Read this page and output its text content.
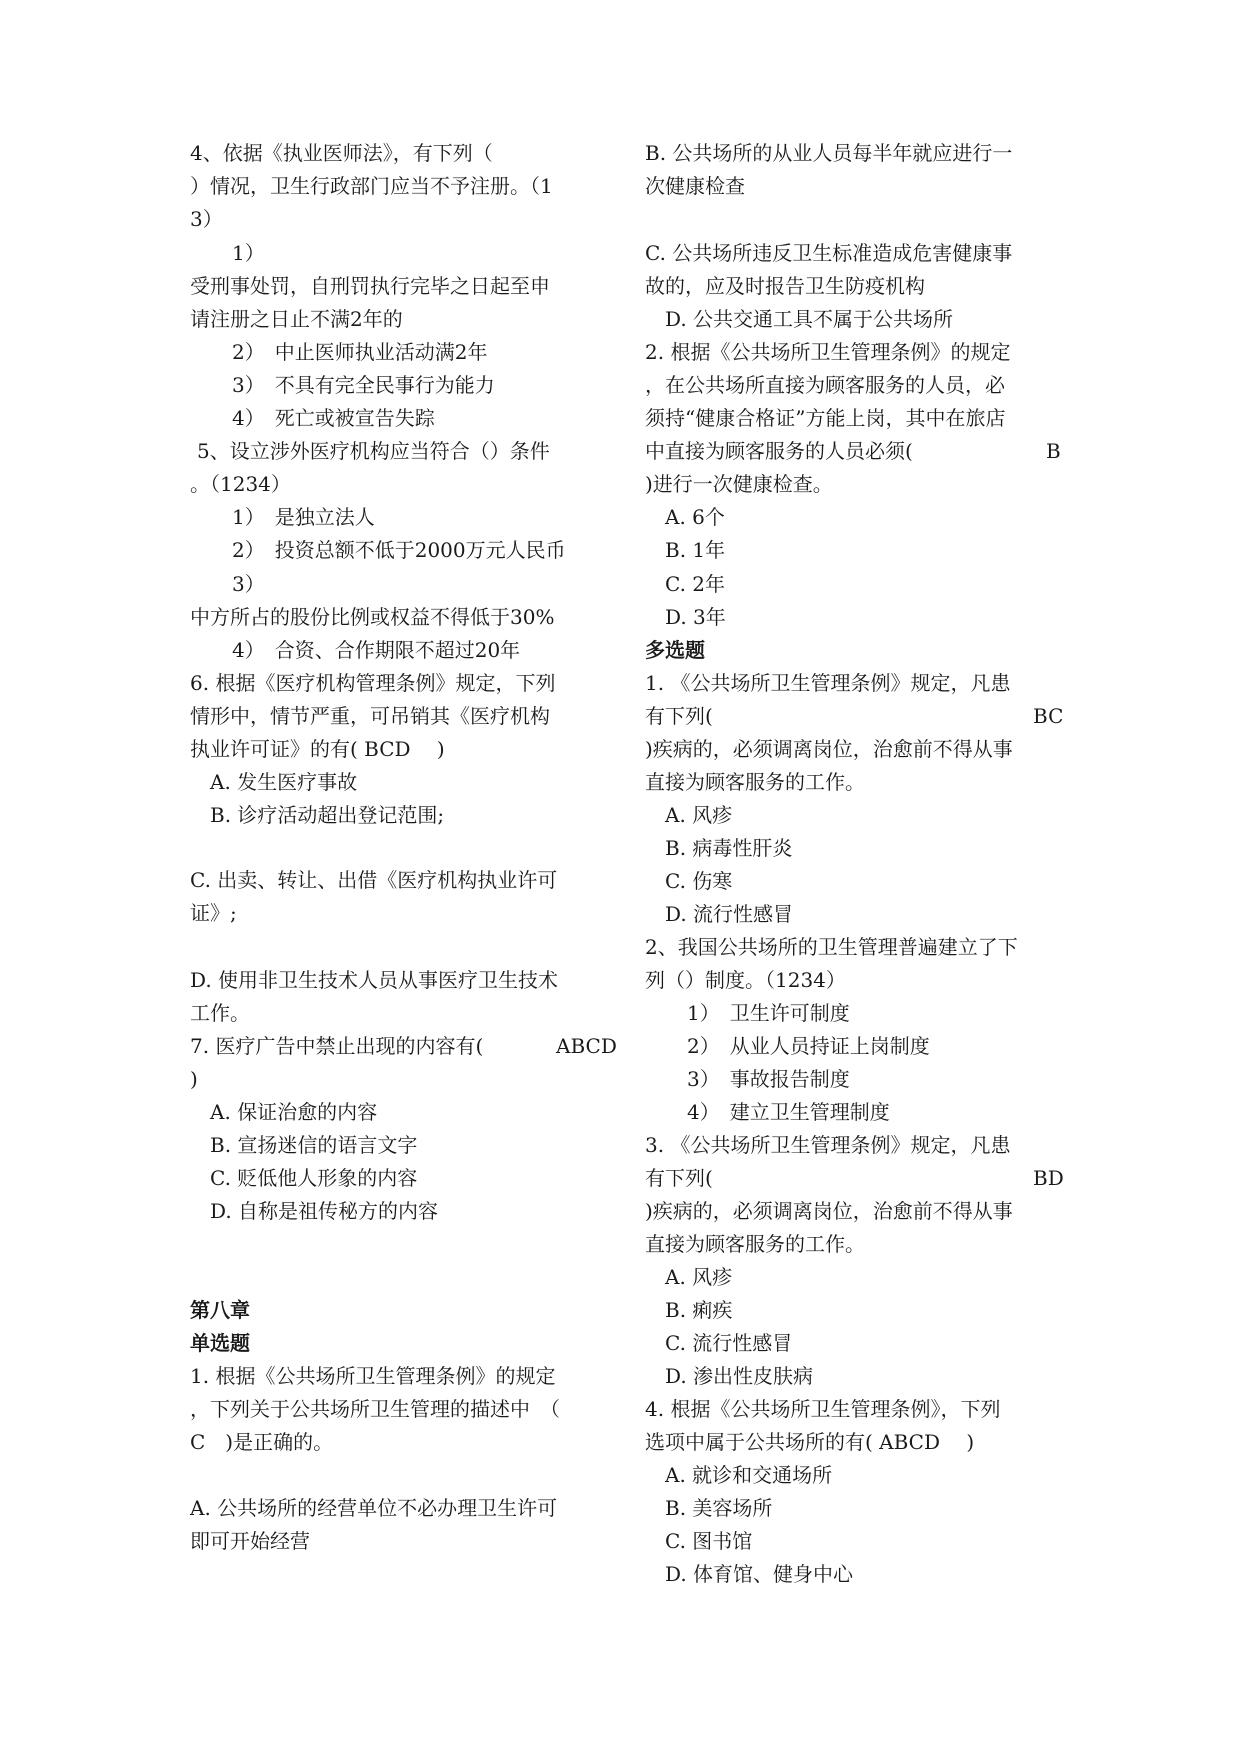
4、依据《执业医师法》，有下列（
）情况，卫生行政部门应当不予注册。（1
3）
1）
受刑事处罚，自刑罚执行完毕之日起至申
请注册之日止不满2年的
2）　中止医师执业活动满2年
3）　不具有完全民事行为能力
4）　死亡或被宣告失踪
5、设立涉外医疗机构应当符合（）条件
。（1234）
1）　是独立法人
2）　投资总额不低于2000万元人民币
3）
中方所占的股份比例或权益不得低于30%
4）　合资、合作期限不超过20年
6. 根据《医疗机构管理条例》规定，下列
情形中，情节严重，可吊销其《医疗机构
执业许可证》的有( BCD　 )
A. 发生医疗事故
B. 诊疗活动超出登记范围;
C. 出卖、转让、出借《医疗机构执业许可
证》;
D. 使用非卫生技术人员从事医疗卫生技术
工作。
7. 医疗广告中禁止出现的内容有(　
)
A. 保证治愈的内容
B. 宣扬迷信的语言文字
C. 贬低他人形象的内容
D. 自称是祖传秘方的内容
第八章
单选题
1. 根据《公共场所卫生管理条例》的规定
，下列关于公共场所卫生管理的描述中　（
C　)是正确的。
A. 公共场所的经营单位不必办理卫生许可
即可开始经营
ABCD
B. 公共场所的从业人员每半年就应进行一
次健康检查
C. 公共场所违反卫生标准造成危害健康事
故的，应及时报告卫生防疫机构
D. 公共交通工具不属于公共场所
2. 根据《公共场所卫生管理条例》的规定
，在公共场所直接为顾客服务的人员，必
须持“健康合格证”方能上岗，其中在旅店
中直接为顾客服务的人员必须(
)进行一次健康检查。
A. 6个
B. 1年
C. 2年
D. 3年
多选题
1. 《公共场所卫生管理条例》规定，凡患
有下列(
)疾病的，必须调离岗位，治愈前不得从事
直接为顾客服务的工作。
A. 风疹
B. 病毒性肝炎
C. 伤寒
D. 流行性感冒
2、我国公共场所的卫生管理普遍建立了下
列（）制度。（1234）
1）　卫生许可制度
2）　从业人员持证上岗制度
3）　事故报告制度
4）　建立卫生管理制度
3. 《公共场所卫生管理条例》规定，凡患
有下列(
)疾病的，必须调离岗位，治愈前不得从事
直接为顾客服务的工作。
A. 风疹
B. 痢疾
C. 流行性感冒
D. 渗出性皮肤病
4. 根据《公共场所卫生管理条例》，下列
选项中属于公共场所的有( ABCD　 )
A. 就诊和交通场所
B. 美容场所
C. 图书馆
D. 体育馆、健身中心
B
BC
BD
